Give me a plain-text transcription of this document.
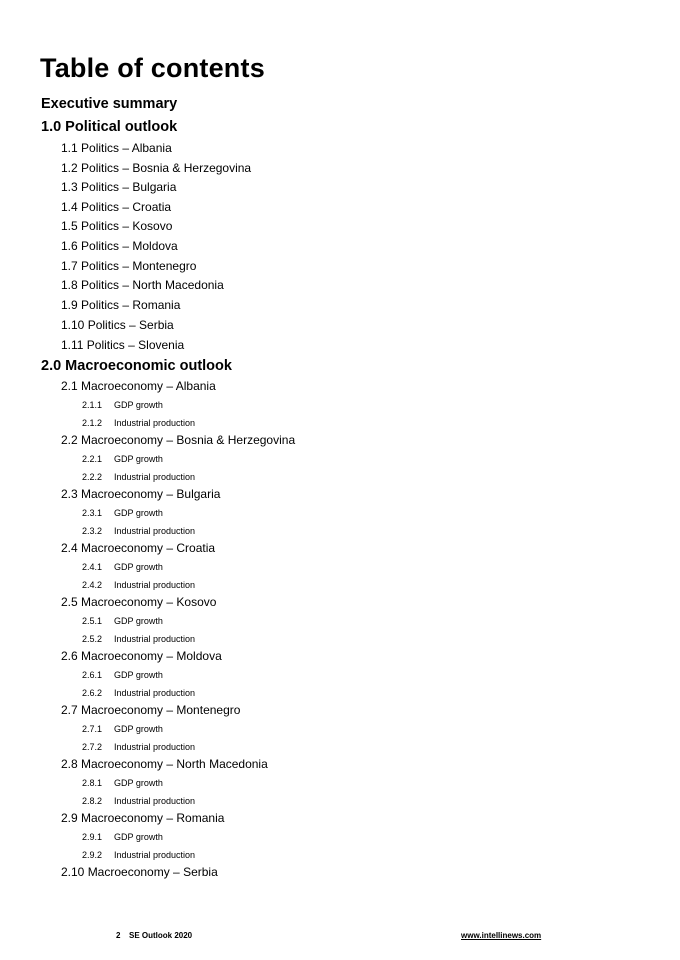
Table of contents
Executive summary
1.0 Political outlook
1.1 Politics – Albania
1.2 Politics – Bosnia & Herzegovina
1.3 Politics – Bulgaria
1.4 Politics – Croatia
1.5 Politics – Kosovo
1.6 Politics – Moldova
1.7 Politics – Montenegro
1.8 Politics – North Macedonia
1.9 Politics – Romania
1.10 Politics – Serbia
1.11 Politics – Slovenia
2.0 Macroeconomic outlook
2.1 Macroeconomy – Albania
2.1.1 GDP growth
2.1.2 Industrial production
2.2 Macroeconomy – Bosnia & Herzegovina
2.2.1 GDP growth
2.2.2 Industrial production
2.3 Macroeconomy – Bulgaria
2.3.1 GDP growth
2.3.2 Industrial production
2.4 Macroeconomy – Croatia
2.4.1 GDP growth
2.4.2 Industrial production
2.5 Macroeconomy – Kosovo
2.5.1 GDP growth
2.5.2 Industrial production
2.6 Macroeconomy – Moldova
2.6.1 GDP growth
2.6.2 Industrial production
2.7 Macroeconomy – Montenegro
2.7.1 GDP growth
2.7.2 Industrial production
2.8 Macroeconomy – North Macedonia
2.8.1 GDP growth
2.8.2 Industrial production
2.9 Macroeconomy – Romania
2.9.1 GDP growth
2.9.2 Industrial production
2.10 Macroeconomy – Serbia
2 SE Outlook 2020	www.intellinews.com
